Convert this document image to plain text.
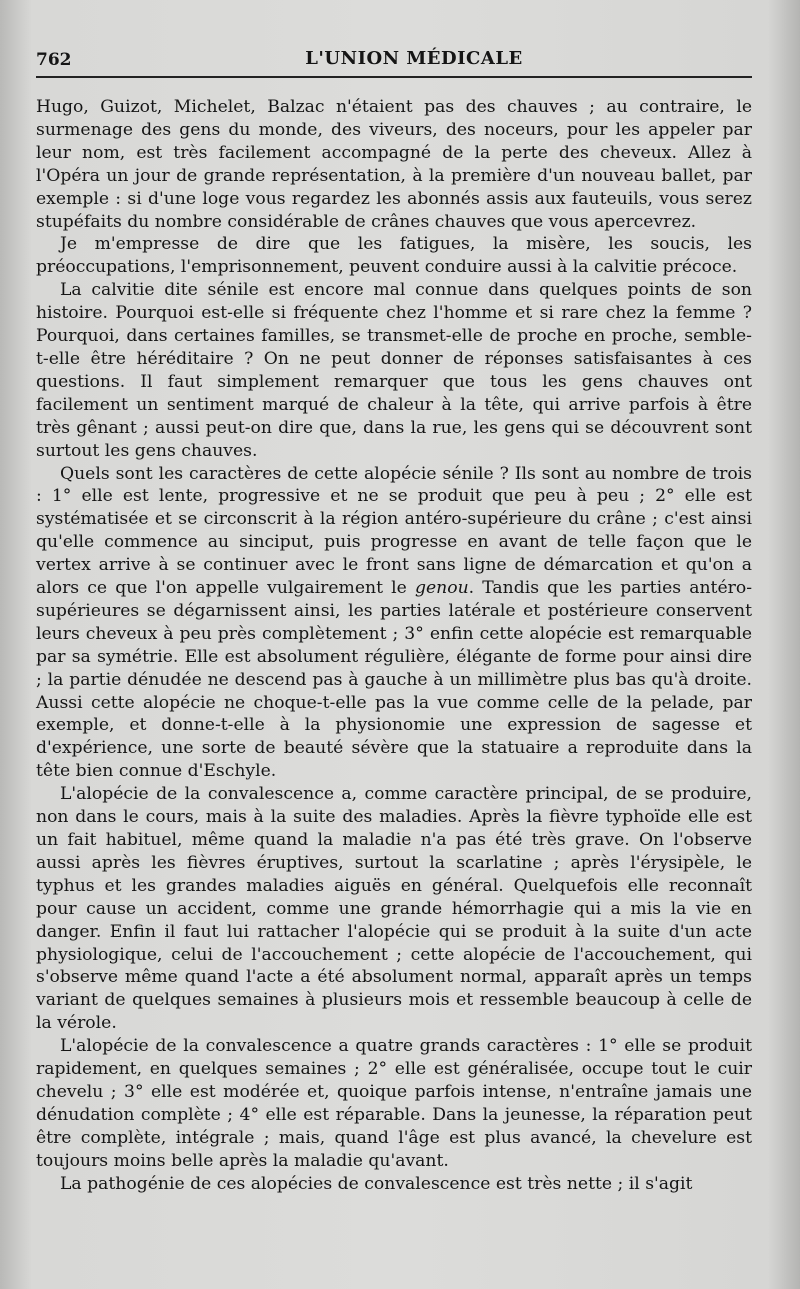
762	L'UNION MÉDICALE

Hugo, Guizot, Michelet, Balzac n'étaient pas des chauves ; au contraire, le surmenage des gens du monde, des viveurs, des noceurs, pour les appeler par leur nom, est très facilement accompagné de la perte des cheveux. Allez à l'Opéra un jour de grande représentation, à la première d'un nouveau ballet, par exemple : si d'une loge vous regardez les abonnés assis aux fauteuils, vous serez stupéfaits du nombre considérable de crânes chauves que vous apercevrez.

Je m'empresse de dire que les fatigues, la misère, les soucis, les préoccupations, l'emprisonnement, peuvent conduire aussi à la calvitie précoce.

La calvitie dite sénile est encore mal connue dans quelques points de son histoire. Pourquoi est-elle si fréquente chez l'homme et si rare chez la femme ? Pourquoi, dans certaines familles, se transmet-elle de proche en proche, semble-t-elle être héréditaire ? On ne peut donner de réponses satisfaisantes à ces questions. Il faut simplement remarquer que tous les gens chauves ont facilement un sentiment marqué de chaleur à la tête, qui arrive parfois à être très gênant ; aussi peut-on dire que, dans la rue, les gens qui se découvrent sont surtout les gens chauves.

Quels sont les caractères de cette alopécie sénile ? Ils sont au nombre de trois : 1° elle est lente, progressive et ne se produit que peu à peu ; 2° elle est systématisée et se circonscrit à la région antéro-supérieure du crâne ; c'est ainsi qu'elle commence au sinciput, puis progresse en avant de telle façon que le vertex arrive à se continuer avec le front sans ligne de démarcation et qu'on a alors ce que l'on appelle vulgairement le genou. Tandis que les parties antéro-supérieures se dégarnissent ainsi, les parties latérale et postérieure conservent leurs cheveux à peu près complètement ; 3° enfin cette alopécie est remarquable par sa symétrie. Elle est absolument régulière, élégante de forme pour ainsi dire ; la partie dénudée ne descend pas à gauche à un millimètre plus bas qu'à droite. Aussi cette alopécie ne choque-t-elle pas la vue comme celle de la pelade, par exemple, et donne-t-elle à la physionomie une expression de sagesse et d'expérience, une sorte de beauté sévère que la statuaire a reproduite dans la tête bien connue d'Eschyle.

L'alopécie de la convalescence a, comme caractère principal, de se produire, non dans le cours, mais à la suite des maladies. Après la fièvre typhoïde elle est un fait habituel, même quand la maladie n'a pas été très grave. On l'observe aussi après les fièvres éruptives, surtout la scarlatine ; après l'érysipèle, le typhus et les grandes maladies aiguës en général. Quelquefois elle reconnaît pour cause un accident, comme une grande hémorrhagie qui a mis la vie en danger. Enfin il faut lui rattacher l'alopécie qui se produit à la suite d'un acte physiologique, celui de l'accouchement ; cette alopécie de l'accouchement, qui s'observe même quand l'acte a été absolument normal, apparaît après un temps variant de quelques semaines à plusieurs mois et ressemble beaucoup à celle de la vérole.

L'alopécie de la convalescence a quatre grands caractères : 1° elle se produit rapidement, en quelques semaines ; 2° elle est généralisée, occupe tout le cuir chevelu ; 3° elle est modérée et, quoique parfois intense, n'entraîne jamais une dénudation complète ; 4° elle est réparable. Dans la jeunesse, la réparation peut être complète, intégrale ; mais, quand l'âge est plus avancé, la chevelure est toujours moins belle après la maladie qu'avant.

La pathogénie de ces alopécies de convalescence est très nette ; il s'agit
